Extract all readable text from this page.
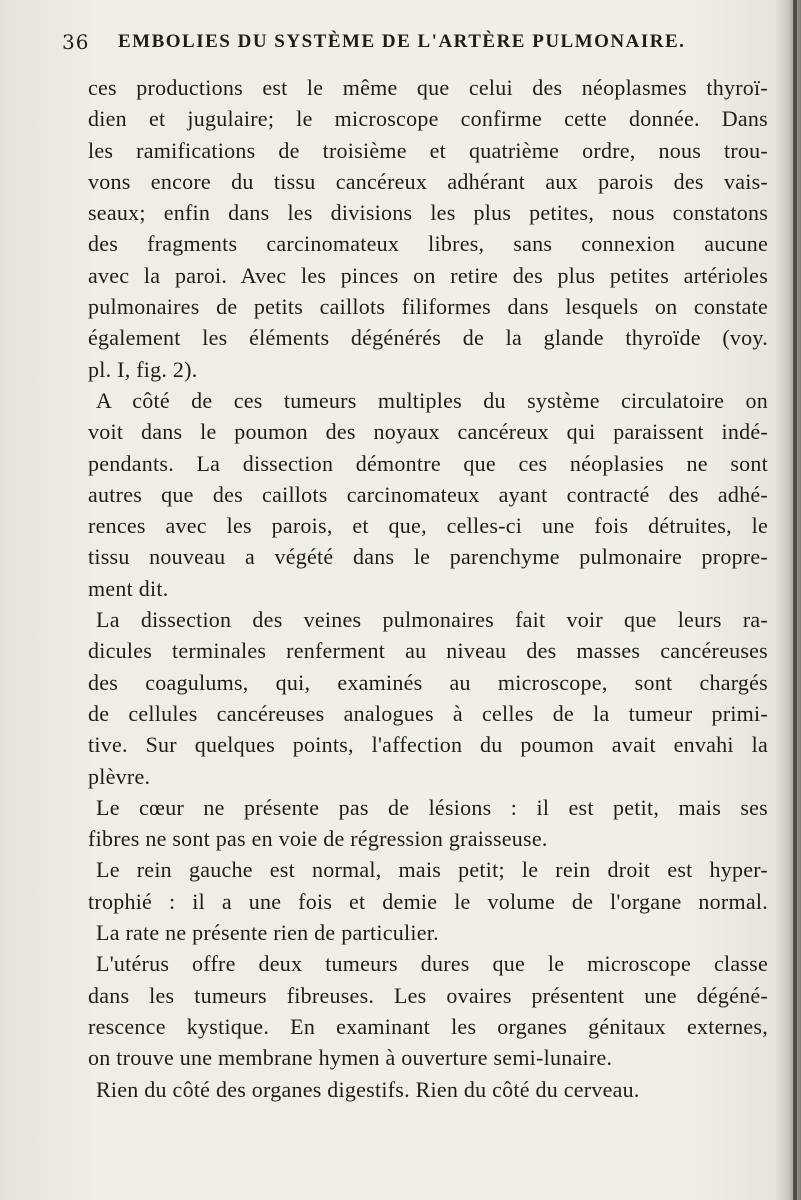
36 EMBOLIES DU SYSTÈME DE L'ARTÈRE PULMONAIRE.
ces productions est le même que celui des néoplasmes thyroï-
dien et jugulaire; le microscope confirme cette donnée. Dans
les ramifications de troisième et quatrième ordre, nous trou-
vons encore du tissu cancéreux adhérant aux parois des vais-
seaux; enfin dans les divisions les plus petites, nous constatons
des fragments carcinomateux libres, sans connexion aucune
avec la paroi. Avec les pinces on retire des plus petites artérioles
pulmonaires de petits caillots filiformes dans lesquels on constate
également les éléments dégénérés de la glande thyroïde (voy.
pl. I, fig. 2).
A côté de ces tumeurs multiples du système circulatoire on
voit dans le poumon des noyaux cancéreux qui paraissent indé-
pendants. La dissection démontre que ces néoplasies ne sont
autres que des caillots carcinomateux ayant contracté des adhé-
rences avec les parois, et que, celles-ci une fois détruites, le
tissu nouveau a végété dans le parenchyme pulmonaire propre-
ment dit.
La dissection des veines pulmonaires fait voir que leurs ra-
dicules terminales renferment au niveau des masses cancéreuses
des coagulums, qui, examinés au microscope, sont chargés
de cellules cancéreuses analogues à celles de la tumeur primi-
tive. Sur quelques points, l'affection du poumon avait envahi la
plèvre.
Le cœur ne présente pas de lésions : il est petit, mais ses
fibres ne sont pas en voie de régression graisseuse.
Le rein gauche est normal, mais petit; le rein droit est hyper-
trophié : il a une fois et demie le volume de l'organe normal.
La rate ne présente rien de particulier.
L'utérus offre deux tumeurs dures que le microscope classe
dans les tumeurs fibreuses. Les ovaires présentent une dégéné-
rescence kystique. En examinant les organes génitaux externes,
on trouve une membrane hymen à ouverture semi-lunaire.
Rien du côté des organes digestifs. Rien du côté du cerveau.
